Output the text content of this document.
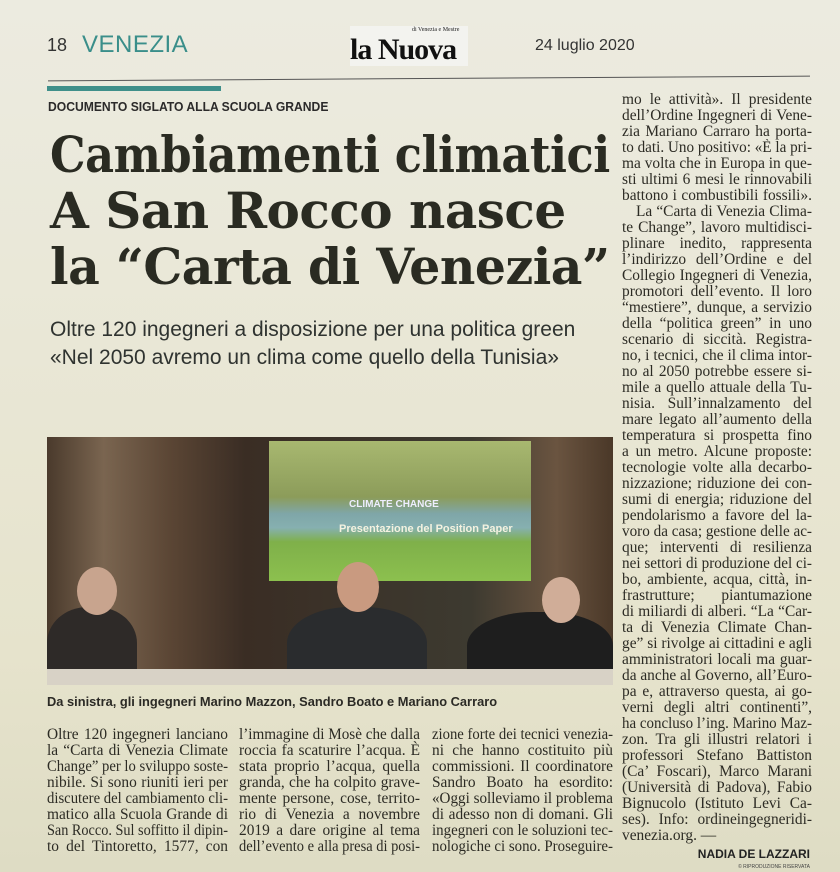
18 VENEZIA
di Venezia e Mestre
la Nuova	24 luglio 2020
DOCUMENTO SIGLATO ALLA SCUOLA GRANDE
Cambiamenti climatici
A San Rocco nasce
la “Carta di Venezia”
Oltre 120 ingegneri a disposizione per una politica green
«Nel 2050 avremo un clima come quello della Tunisia»
CLIMATE CHANGE
Presentazione del Position Paper
Da sinistra, gli ingegneri Marino Mazzon, Sandro Boato e Mariano Carraro
Oltre 120 ingegneri lanciano
la “Carta di Venezia Climate
Change” per lo sviluppo soste-
nibile. Si sono riuniti ieri per
discutere del cambiamento cli-
matico alla Scuola Grande di
San Rocco. Sul soffitto il dipin-
to del Tintoretto, 1577, con
l’immagine di Mosè che dalla
roccia fa scaturire l’acqua. È
stata proprio l’acqua, quella
granda, che ha colpito grave-
mente persone, cose, territo-
rio di Venezia a novembre
2019 a dare origine al tema
dell’evento e alla presa di posi-
zione forte dei tecnici venezia-
ni che hanno costituito più
commissioni. Il coordinatore
Sandro Boato ha esordito:
«Oggi solleviamo il problema
di adesso non di domani. Gli
ingegneri con le soluzioni tec-
nologiche ci sono. Proseguire-
mo le attività». Il presidente
dell’Ordine Ingegneri di Vene-
zia Mariano Carraro ha porta-
to dati. Uno positivo: «È la pri-
ma volta che in Europa in que-
sti ultimi 6 mesi le rinnovabili
battono i combustibili fossili».
La “Carta di Venezia Clima-
te Change”, lavoro multidisci-
plinare inedito, rappresenta
l’indirizzo dell’Ordine e del
Collegio Ingegneri di Venezia,
promotori dell’evento. Il loro
“mestiere”, dunque, a servizio
della “politica green” in uno
scenario di siccità. Registra-
no, i tecnici, che il clima intor-
no al 2050 potrebbe essere si-
mile a quello attuale della Tu-
nisia. Sull’innalzamento del
mare legato all’aumento della
temperatura si prospetta fino
a un metro. Alcune proposte:
tecnologie volte alla decarbo-
nizzazione; riduzione dei con-
sumi di energia; riduzione del
pendolarismo a favore del la-
voro da casa; gestione delle ac-
que; interventi di resilienza
nei settori di produzione del ci-
bo, ambiente, acqua, città, in-
frastrutture; piantumazione
di miliardi di alberi. “La “Car-
ta di Venezia Climate Chan-
ge” si rivolge ai cittadini e agli
amministratori locali ma guar-
da anche al Governo, all’Euro-
pa e, attraverso questa, ai go-
verni degli altri continenti”,
ha concluso l’ing. Marino Maz-
zon. Tra gli illustri relatori i
professori Stefano Battiston
(Ca’ Foscari), Marco Marani
(Università di Padova), Fabio
Bignucolo (Istituto Levi Ca-
ses). Info: ordineingegneridi-
venezia.org. —
NADIA DE LAZZARI
© RIPRODUZIONE RISERVATA
